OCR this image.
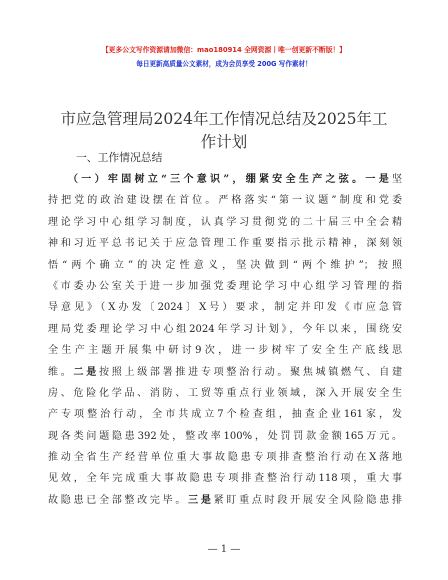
【更多公文写作资源请加微信：mao180914 全网资源丨唯一创更新不断版！】
每日更新高质量公文素材，成为会员享受 200G 写作素材！
市应急管理局2024年工作情况总结及2025年工作计划
一、工作情况总结
（一）牢固树立“三个意识”，绷紧安全生产之弦。一是坚
持把党的政治建设摆在首位。严格落实“第一议题”制度和党委
理论学习中心组学习制度，认真学习贯彻党的二十届三中全会精
神和习近平总书记关于应急管理工作重要指示批示精神，深刻领
悟“两个确立”的决定性意义，坚决做到“两个维护”；按照
《市委办公室关于进一步加强党委理论学习中心组学习管理的指
导意见》（X办发〔2024〕X号）要求，制定并印发《市应急管
理局党委理论学习中心组2024年学习计划》，今年以来，围绕安
全生产主题开展集中研讨9次，进一步树牢了安全生产底线思
维。二是按照上级部署推进专项整治行动。聚焦城镇燃气、自建
房、危险化学品、消防、工贸等重点行业领域，深入开展安全生
产专项整治行动，全市共成立7个检查组，抽查企业161家，发
现各类问题隐患392处，整改率100%，处罚罚款金额165万元。
推动全省生产经营单位重大事故隐患专项排查整治行动在X落地
见效，全年完成重大事故隐患专项排查整治行动118项，重大事
故隐患已全部整改完毕。三是紧盯重点时段开展安全风险隐患排
— 1 —
